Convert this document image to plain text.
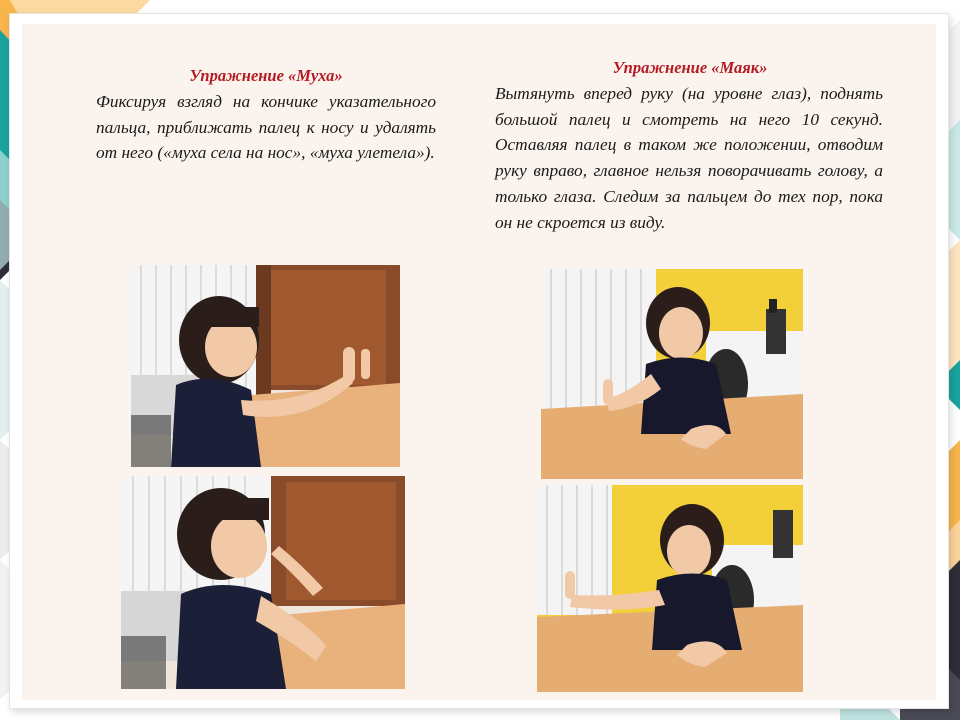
Упражнение «Муха»

Фиксируя взгляд на кончике указательного пальца, приближать палец к носу и удалять от него («муха села на нос», «муха улетела»).

Упражнение «Маяк»

Вытянуть вперед руку (на уровне глаз), поднять большой палец и смотреть на него 10 секунд. Оставляя палец в таком же положении, отводим руку вправо, главное нельзя поворачивать голову, а только глаза. Следим за пальцем до тех пор, пока он не скроется из виду.
